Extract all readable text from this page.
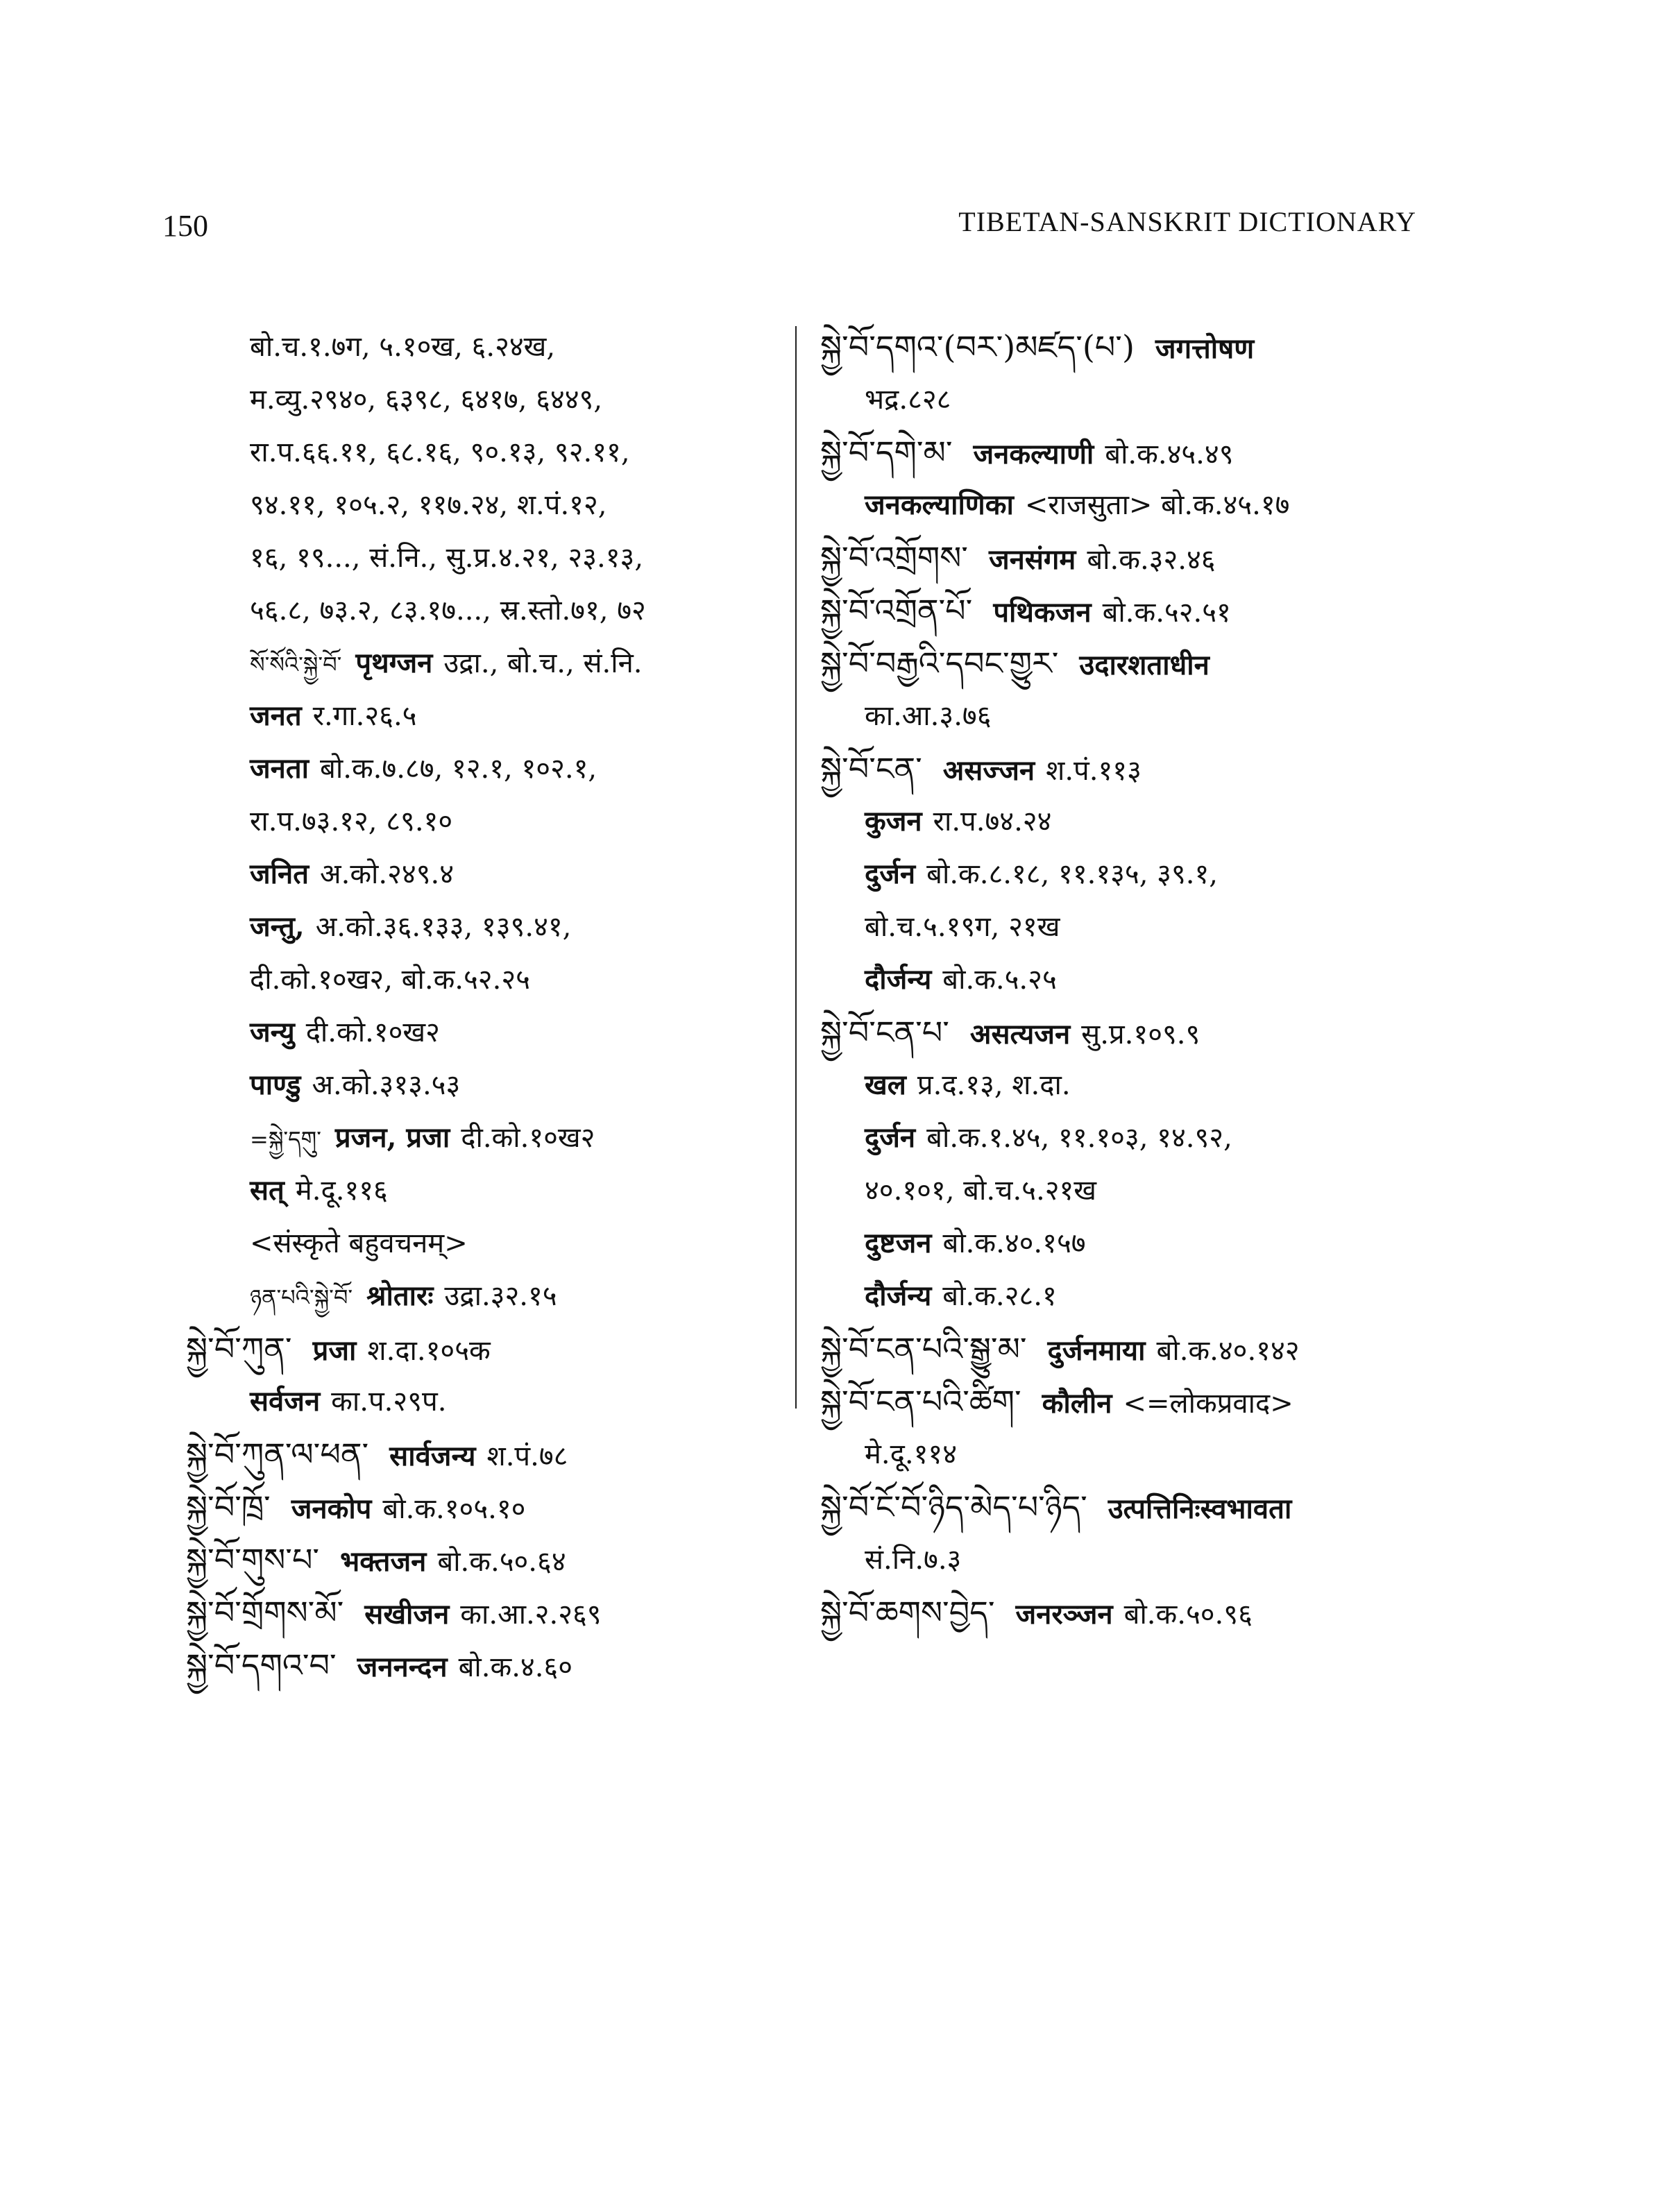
150	TIBETAN-SANSKRIT DICTIONARY
बो.च.१.७ग, ५.१०ख, ६.२४ख,
म.व्यु.२९४०, ६३९८, ६४१७, ६४४९,
रा.प.६६.११, ६८.१६, ९०.१३, ९२.११,
९४.११, १०५.२, ११७.२४, श.पं.१२,
१६, १९..., सं.नि., सु.प्र.४.२१, २३.१३,
५६.८, ७३.२, ८३.१७..., स्र.स्तो.७१, ७२
སོ་སོའི་སྐྱེ་བོ་ पृथग्जन उद्रा., बो.च., सं.नि.
जनत र.गा.२६.५
जनता बो.क.७.८७, १२.१, १०२.१,
रा.प.७३.१२, ८९.१०
जनित अ.को.२४९.४
जन्तु, अ.को.३६.१३३, १३९.४१,
दी.को.१०ख२, बो.क.५२.२५
जन्यु दी.को.१०ख२
पाण्डु अ.को.३१३.५३
=སྐྱེ་དགུ་ प्रजन, प्रजा दी.को.१०ख२
सत् मे.दू.११६
<संस्कृते बहुवचनम्>
ཉན་པའི་སྐྱེ་བོ་ श्रोतारः उद्रा.३२.१५
སྐྱེ་བོ་ཀུན་ प्रजा श.दा.१०५क
सर्वजन का.प.२९प.
སྐྱེ་བོ་ཀུན་ལ་ཕན་ सार्वजन्य श.पं.७८
སྐྱེ་བོ་ཁྲོ་ जनकोप बो.क.१०५.१०
སྐྱེ་བོ་གུས་པ་ भक्तजन बो.क.५०.६४
སྐྱེ་བོ་གྲོགས་མོ་ सखीजन का.आ.२.२६९
སྐྱེ་བོ་དགའ་བ་ जननन्दन बो.क.४.६०
སྐྱེ་བོ་དགའ་(བར་)མཛད་(པ་) जगत्तोषण
भद्र.८२८
སྐྱེ་བོ་དགེ་མ་ जनकल्याणी बो.क.४५.४९
जनकल्याणिका <राजसुता> बो.क.४५.१७
སྐྱེ་བོ་འགྲོགས་ जनसंगम बो.क.३२.४६
སྐྱེ་བོ་འགྲོན་པོ་ पथिकजन बो.क.५२.५१
སྐྱེ་བོ་བརྒྱའི་དབང་གྱུར་ उदारशताधीन
का.आ.३.७६
སྐྱེ་བོ་ངན་ असज्जन श.पं.११३
कुजन रा.प.७४.२४
दुर्जन बो.क.८.१८, ११.१३५, ३९.१,
बो.च.५.१९ग, २१ख
दौर्जन्य बो.क.५.२५
སྐྱེ་བོ་ངན་པ་ असत्यजन सु.प्र.१०९.९
खल प्र.द.१३, श.दा.
दुर्जन बो.क.१.४५, ११.१०३, १४.९२,
४०.१०१, बो.च.५.२१ख
दुष्टजन बो.क.४०.१५७
दौर्जन्य बो.क.२८.१
སྐྱེ་བོ་ངན་པའི་སྒྱུ་མ་ दुर्जनमाया बो.क.४०.१४२
སྐྱེ་བོ་ངན་པའི་ཚིག་ कौलीन <=लोकप्रवाद>
मे.दू.११४
སྐྱེ་བོ་ངོ་བོ་ཉིད་མེད་པ་ཉིད་ उत्पत्तिनिःस्वभावता
सं.नि.७.३
སྐྱེ་བོ་ཆགས་བྱེད་ जनरञ्जन बो.क.५०.९६
